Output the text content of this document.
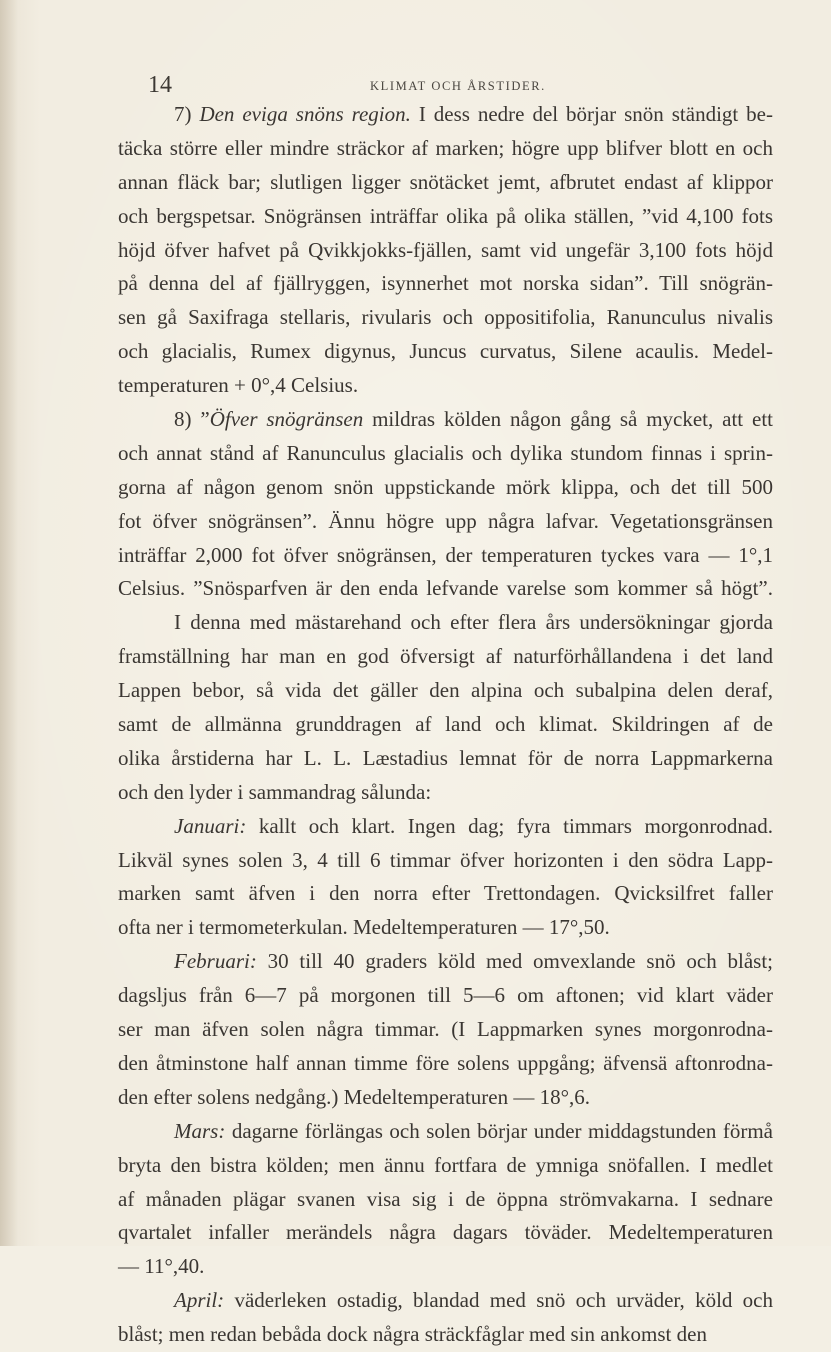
14	KLIMAT OCH ÅRSTIDER.
7) Den eviga snöns region. I dess nedre del börjar snön ständigt be-
täcka större eller mindre sträckor af marken; högre upp blifver blott en och
annan fläck bar; slutligen ligger snötäcket jemt, afbrutet endast af klippor
och bergspetsar. Snögränsen inträffar olika på olika ställen, ”vid 4,100 fots
höjd öfver hafvet på Qvikkjokks-fjällen, samt vid ungefär 3,100 fots höjd
på denna del af fjällryggen, isynnerhet mot norska sidan”. Till snögrän-
sen gå Saxifraga stellaris, rivularis och oppositifolia, Ranunculus nivalis
och glacialis, Rumex digynus, Juncus curvatus, Silene acaulis. Medel-
temperaturen + 0°,4 Celsius.
8) ”Öfver snögränsen mildras kölden någon gång så mycket, att ett
och annat stånd af Ranunculus glacialis och dylika stundom finnas i sprin-
gorna af någon genom snön uppstickande mörk klippa, och det till 500
fot öfver snögränsen”. Ännu högre upp några lafvar. Vegetationsgränsen
inträffar 2,000 fot öfver snögränsen, der temperaturen tyckes vara — 1°,1
Celsius. ”Snösparfven är den enda lefvande varelse som kommer så högt”.
I denna med mästarehand och efter flera års undersökningar gjorda
framställning har man en god öfversigt af naturförhållandena i det land
Lappen bebor, så vida det gäller den alpina och subalpina delen deraf,
samt de allmänna grunddragen af land och klimat. Skildringen af de
olika årstiderna har L. L. Læstadius lemnat för de norra Lappmarkerna
och den lyder i sammandrag sålunda:
Januari: kallt och klart. Ingen dag; fyra timmars morgonrodnad.
Likväl synes solen 3, 4 till 6 timmar öfver horizonten i den södra Lapp-
marken samt äfven i den norra efter Trettondagen. Qvicksilfret faller
ofta ner i termometerkulan. Medeltemperaturen — 17°,50.
Februari: 30 till 40 graders köld med omvexlande snö och blåst;
dagsljus från 6—7 på morgonen till 5—6 om aftonen; vid klart väder
ser man äfven solen några timmar. (I Lappmarken synes morgonrodna-
den åtminstone half annan timme före solens uppgång; äfvensä aftonrodna-
den efter solens nedgång.) Medeltemperaturen — 18°,6.
Mars: dagarne förlängas och solen börjar under middagstunden förmå
bryta den bistra kölden; men ännu fortfara de ymniga snöfallen. I medlet
af månaden plägar svanen visa sig i de öppna strömvakarna. I sednare
qvartalet infaller merändels några dagars töväder. Medeltemperaturen
— 11°,40.
April: väderleken ostadig, blandad med snö och urväder, köld och
blåst; men redan bebåda dock några sträckfåglar med sin ankomst den
